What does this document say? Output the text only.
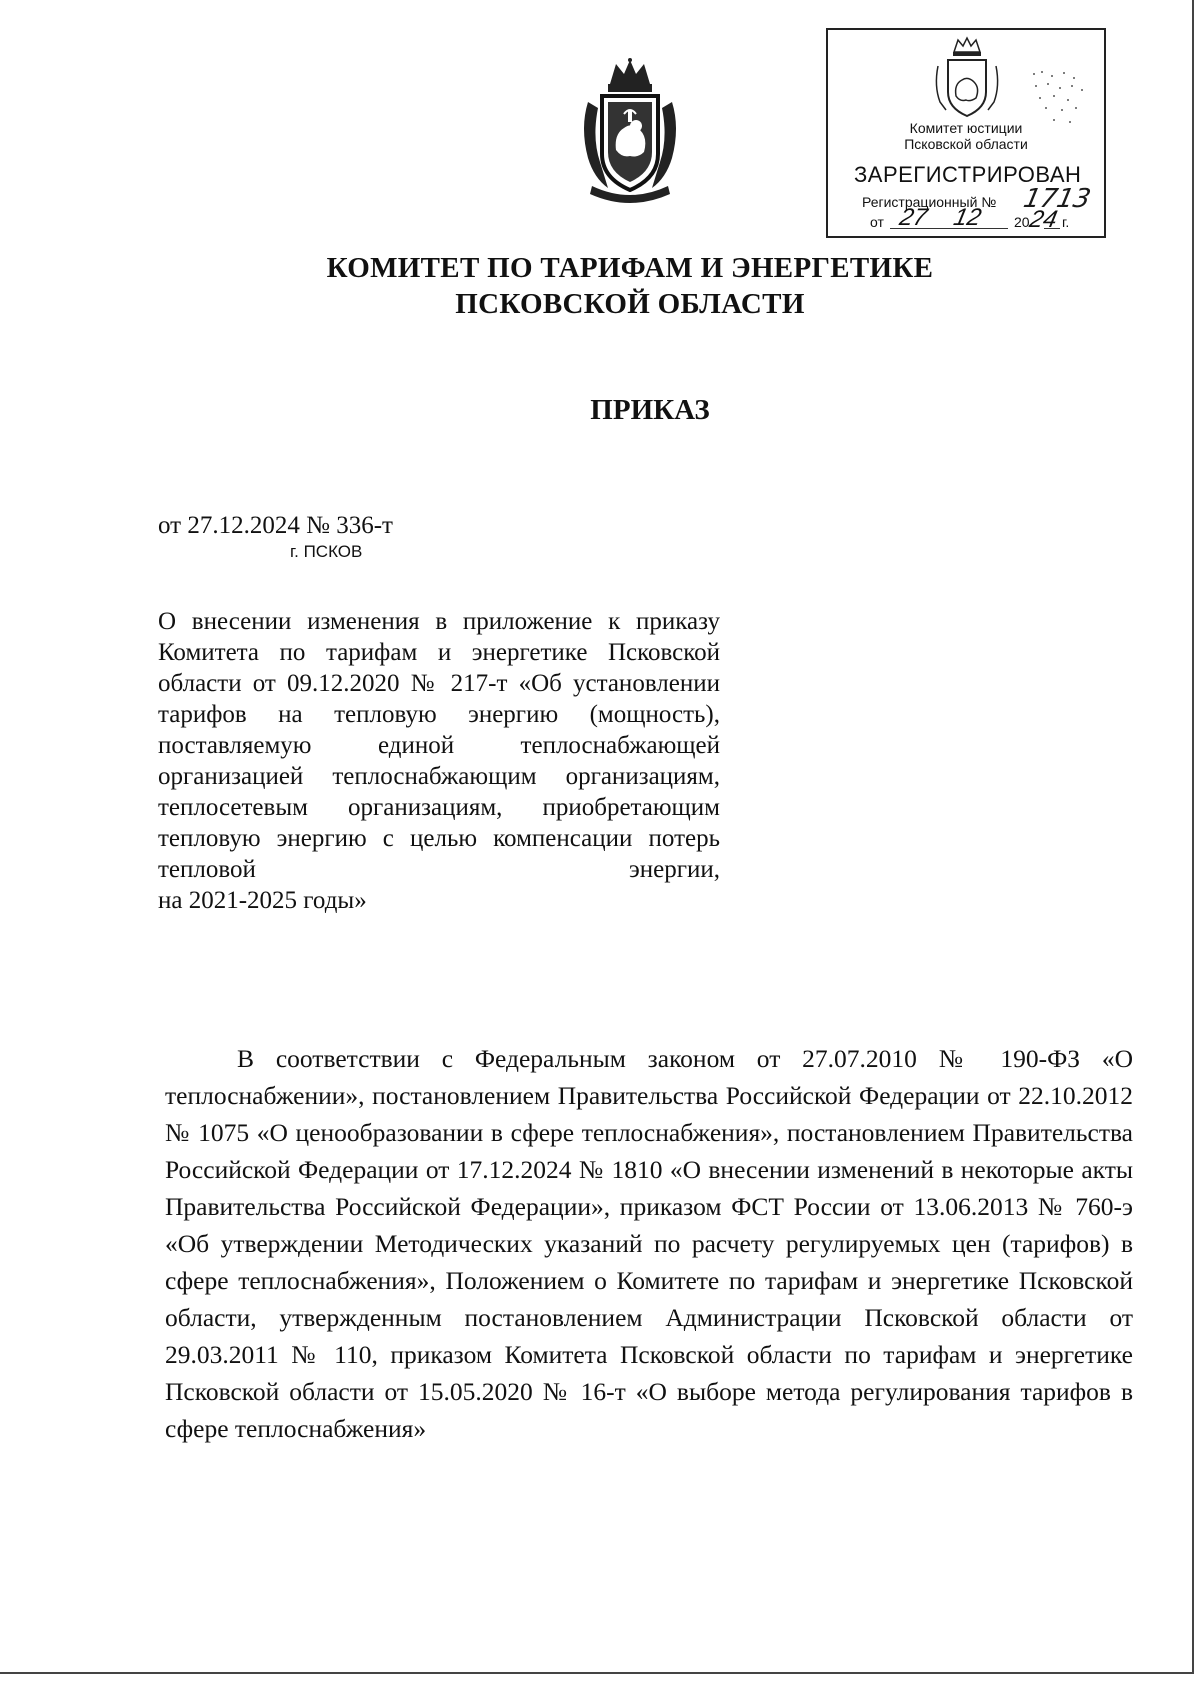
Комитет юстиции
Псковской области
ЗАРЕГИСТРИРОВАН
Регистрационный № 1713
от 27 12 20
24 г.
КОМИТЕТ ПО ТАРИФАМ И ЭНЕРГЕТИКЕ
ПСКОВСКОЙ ОБЛАСТИ
ПРИКАЗ
от 27.12.2024 № 336-т
г. ПСКОВ
О внесении изменения в приложение к приказу Комитета по тарифам и энергетике Псковской области от 09.12.2020 № 217-т «Об установлении тарифов на тепловую энергию (мощность), поставляемую единой теплоснабжающей организацией теплоснабжающим организациям, теплосетевым организациям, приобретающим тепловую энергию с целью компенсации потерь тепловой энергии,
на 2021-2025 годы»
В соответствии с Федеральным законом от 27.07.2010 № 190-ФЗ «О теплоснабжении», постановлением Правительства Российской Федерации от 22.10.2012 № 1075 «О ценообразовании в сфере теплоснабжения», постановлением Правительства Российской Федерации от 17.12.2024 № 1810 «О внесении изменений в некоторые акты Правительства Российской Федерации», приказом ФСТ России от 13.06.2013 № 760-э «Об утверждении Методических указаний по расчету регулируемых цен (тарифов) в сфере теплоснабжения», Положением о Комитете по тарифам и энергетике Псковской области, утвержденным постановлением Администрации Псковской области от 29.03.2011 № 110, приказом Комитета Псковской области по тарифам и энергетике Псковской области от 15.05.2020 № 16-т «О выборе метода регулирования тарифов в сфере теплоснабжения»
